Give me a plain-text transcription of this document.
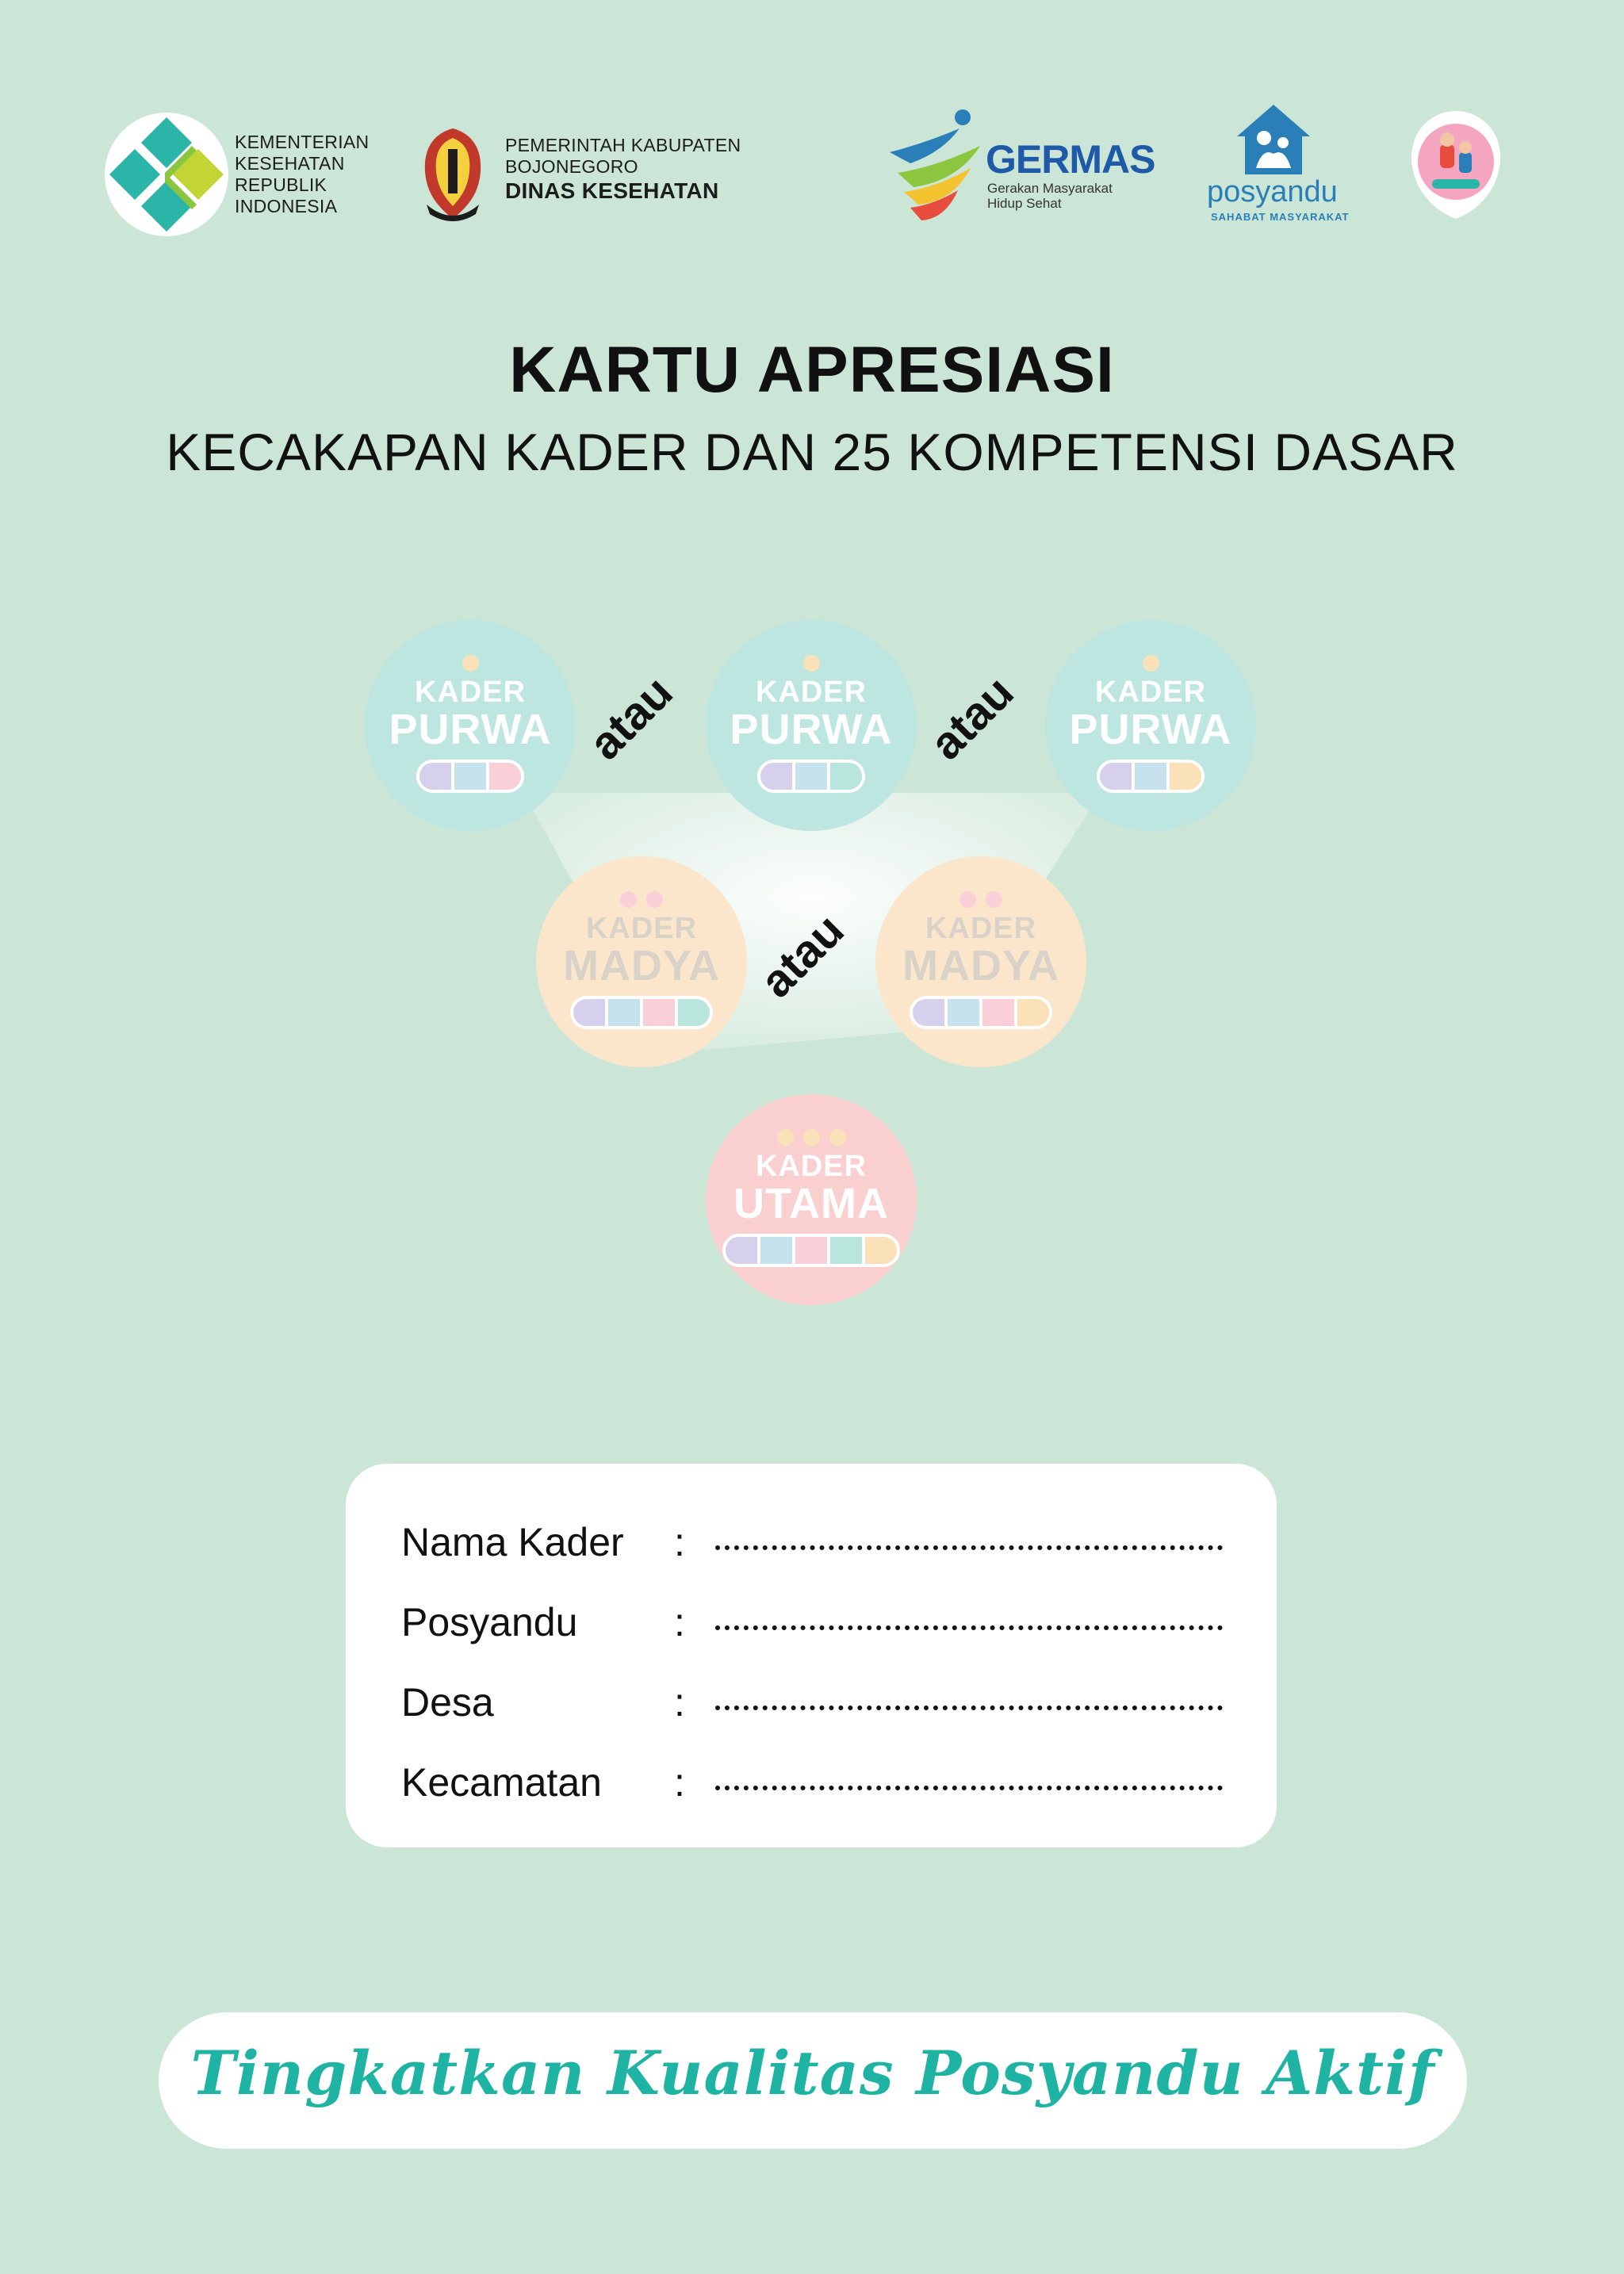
KEMENTERIAN
KESEHATAN
REPUBLIK
INDONESIA
PEMERINTAH KABUPATEN
BOJONEGORO
DINAS KESEHATAN
GERMAS
Gerakan Masyarakat
Hidup Sehat	posyandu
SAHABAT MASYARAKAT
KARTU APRESIASI
KECAKAPAN KADER DAN 25 KOMPETENSI DASAR
KADER
PURWA atau	KADER
PURWA atau	KADER
PURWA
KADER
MADYA atau	KADER
MADYA
KADER
UTAMA
Nama Kader :
Posyandu :
Desa	:
Kecamatan :
Tingkatkan Kualitas Posyandu Aktif
